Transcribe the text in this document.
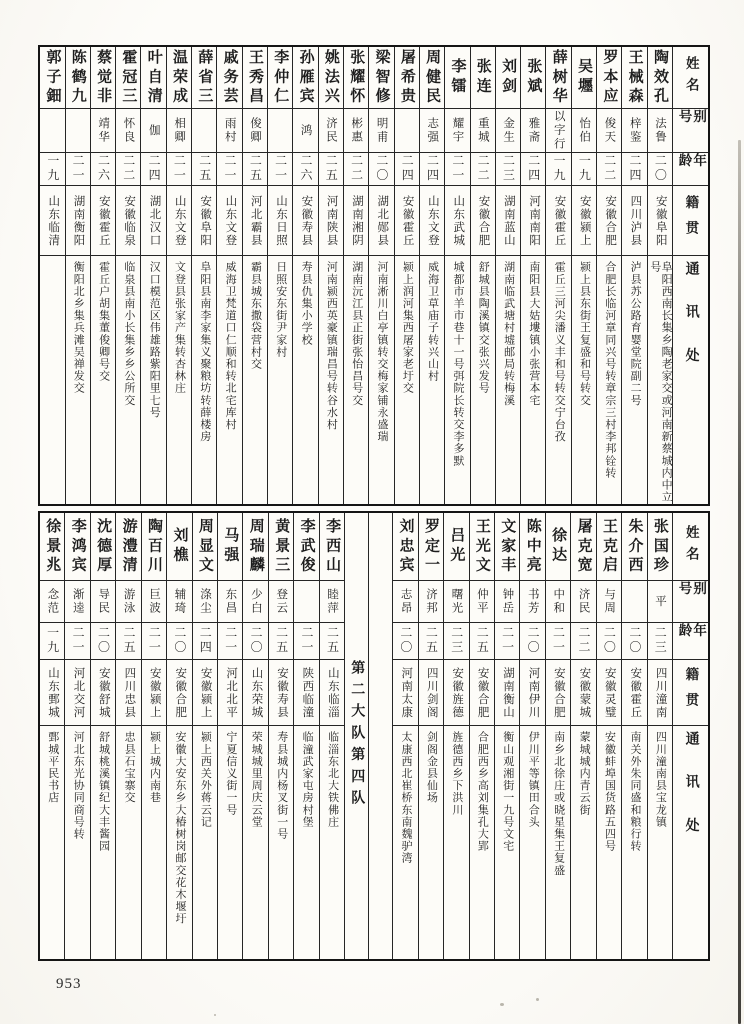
姓名
别号
年龄
籍贯
通讯处
陶效孔
法鲁
二〇
安徽阜阳
阜阳西南长集乡陶老家交或河南新蔡城内中立号
王械森
梓鉴
二四
四川泸县
泸县苏公路育婴堂院副二号
罗本应
俊天
二二
安徽合肥
合肥长临河章同兴号转章宗三村李邦铨转
吴壥
怡伯
一九
安徽颍上
颍上县东街王复盛和号转交
薛树华
以字行
一九
安徽霍丘
霍丘三河尖潘义丰和号转交宁台孜
张斌
雅斋
二四
河南南阳
南阳县大姑塿镇小张营本宅
刘剑
金生
二三
湖南蓝山
湖南临武塘村墟邮局转梅溪
张连
重城
二二
安徽合肥
舒城县陶溪镇交张兴发号
李镭
耀宇
二一
山东武城
城都市羊市巷十一号弭院长转交李多默
周健民
志强
二四
山东文登
威海卫草庙子转兴山村
屠希贵
二四
安徽霍丘
颍上润河集西屠家老圩交
梁智修
明甫
二〇
湖北郧县
河南淅川白亭镇转交梅家铺永盛瑞
张耀怀
彬惠
二二
湖南湘阴
湖南沅江县正街张怡昌号交
姚法兴
济民
二五
河南陕县
河南颍西英豪镇瑞昌号转谷水村
孙雁宾
鸿
二六
安徽寿县
寿县仇集小学校
李仲仁
二一
山东日照
日照安东街尹家村
王秀昌
俊卿
二五
河北霸县
霸县城东撒袋营村交
戚务芸
雨村
二一
山东文登
威海卫梵道口仁顺和转北宅库村
薛省三
二五
安徽阜阳
阜阳县南李家集义聚粮坊转薛楼房
温荣成
相卿
二一
山东文登
文登县张家产集转杏林庄
叶自清
伽
二四
湖北汉口
汉口模范区伟雄路紫阳里七号
霍冠三
怀良
二二
安徽临泉
临泉县南小长集乡乡公所交
蔡觉非
靖华
二六
安徽霍丘
霍丘户胡集董俊卿号交
陈鹤九
二一
湖南衡阳
衡阳北乡集兵滩吴禅发交
郭子鈿
一九
山东临清
姓名
别号
年龄
籍贯
通讯处
张国珍
平
二三
四川潼南
四川潼南县宝龙镇
朱介西
二〇
安徽霍丘
南关外朱同盛和粮行转
王克启
与周
二〇
安徽灵璧
安徽蚌埠国货路五四号
屠克宽
济民
二二
安徽蒙城
蒙城城内青云街
徐达
中和
二一
安徽合肥
南乡北徐庄或晓星集王复盛
陈中亮
书芳
二〇
河南伊川
伊川平等镇田合头
文家丰
钟岳
二一
湖南衡山
衡山观湘街一九号文宅
王光文
仲平
二五
安徽合肥
合肥西乡高刘集孔大郢
吕光
曙光
二三
安徽旌德
旌德西乡下洪川
罗定一
济邦
二五
四川剑阁
剑阁金县仙场
刘忠宾
志昂
二〇
河南太康
太康西北崔桥东南魏驴湾
第二大队第四队
李西山
睦萍
二五
山东临淄
临淄东北大铁佛庄
李武俊
二一
陕西临潼
临潼武家屯房村堡
黄景三
登云
二五
安徽寿县
寿县城内杨叉街一号
周瑞麟
少白
二〇
山东荣城
荣城城里周庆云堂
马强
东昌
二一
河北北平
宁夏信义街一号
周显文
涤尘
二四
安徽颍上
颍上西关外蒋云记
刘樵
辅琦
二〇
安徽合肥
安徽大安东乡大椿树岗邮交花木堰圩
陶百川
巨波
二一
安徽颍上
颍上城内南巷
游澧清
游泳
二五
四川忠县
忠县石宝寨交
沈德厚
导民
二〇
安徽舒城
舒城桃溪镇纪大丰酱园
李鸿宾
渐逵
二一
河北交河
河北东光协同商号转
徐景兆
念范
一九
山东鄄城
鄄城平民书店
953
